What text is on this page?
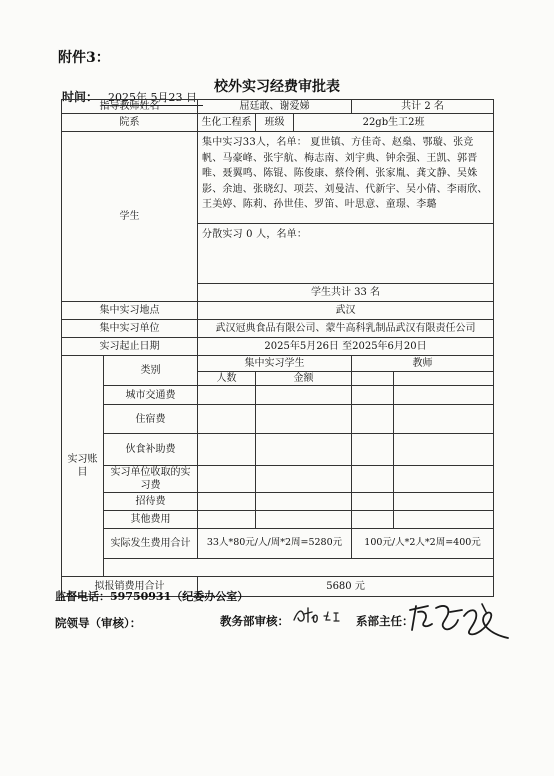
附件3：
校外实习经费审批表
时间： 2025年 5月23 日
指导教师姓名		屈廷敢、谢爱娣			共计 2 名	
院系		生化工程系	班级	22gb生工2班		
学生		集中实习33人，名单： 夏世镇、方佳奇、赵燊、鄂璇、张竞帆、马豪峰、张宇航、梅志南、刘宇典、钟余强、王凯、郭晋唯、聂翼鸣、陈锟、陈俊康、蔡伶俐、张家胤、龚文静、吴姝影、余迪、张晓幻、项芸、刘曼洁、代新宇、吴小倩、李雨欣、王美婷、陈莉、孙世佳、罗笛、叶思意、童璟、李璐				
		分散实习 0 人，名单：				
		学生共计 33 名				
集中实习地点		武汉				
集中实习单位		武汉冠典食品有限公司、蒙牛高科乳制品武汉有限责任公司				
实习起止日期		2025年5月26日 至2025年6月20日				
实习账目	类别	集中实习学生			教师	
		人数	金额			
	城市交通费					
	住宿费					
	伙食补助费					
	实习单位收取的实习费					
	招待费					
	其他费用					
	实际发生费用合计	33人*80元/人/周*2周=5280元			100元/人*2人*2周=400元	

拟报销费用合计		5680 元				
监督电话：59750931（纪委办公室）
院领导（审核）：	教务部审核：	系部主任：
